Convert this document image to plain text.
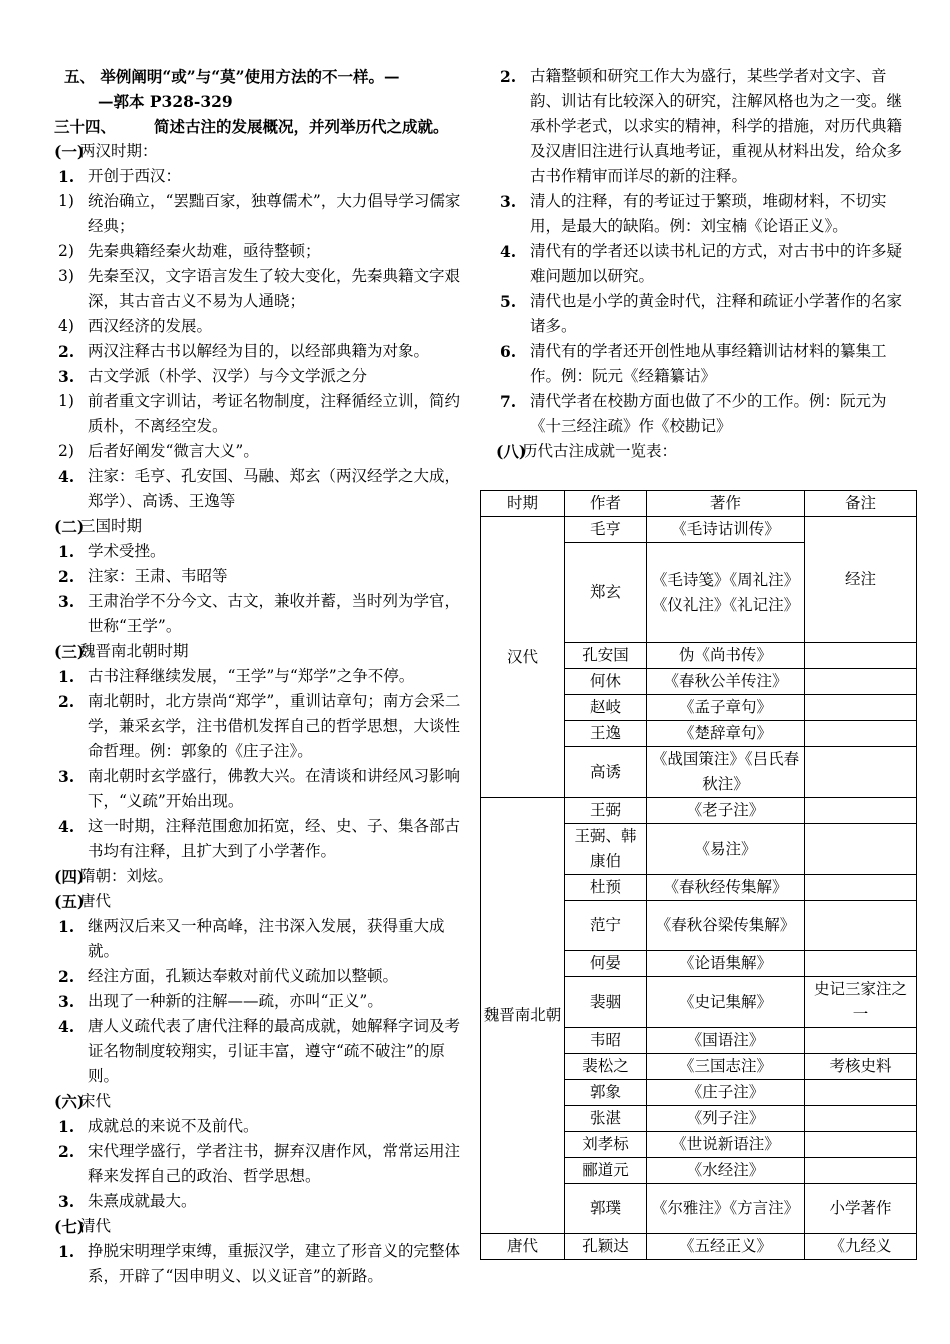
五、 举例阐明“或”与“莫”使用方法的不一样。—
—郭本 P328-329
三十四、	简述古注的发展概况，并列举历代之成就。
(一)
两汉时期：
1. 开创于西汉：
1) 统治确立，“罢黜百家，独尊儒术”，大力倡导学习儒家经典；
2) 先秦典籍经秦火劫难，亟待整顿；
3) 先秦至汉，文字语言发生了较大变化，先秦典籍文字艰深，其古音古义不易为人通晓；
4) 西汉经济的发展。
2. 两汉注释古书以解经为目的，以经部典籍为对象。
3. 古文学派（朴学、汉学）与今文学派之分
1) 前者重文字训诂，考证名物制度，注释循经立训，简约质朴，不离经空发。
2) 后者好阐发“微言大义”。
4. 注家：毛亨、孔安国、马融、郑玄（两汉经学之大成，郑学）、高诱、王逸等
(二)
三国时期
1. 学术受挫。
2. 注家：王肃、韦昭等
3. 王肃治学不分今文、古文，兼收并蓄，当时列为学官，世称“王学”。
(三)
魏晋南北朝时期
1. 古书注释继续发展，“王学”与“郑学”之争不停。
2. 南北朝时，北方崇尚“郑学”，重训诂章句；南方会采二学，兼采玄学，注书借机发挥自己的哲学思想，大谈性命哲理。例：郭象的《庄子注》。
3. 南北朝时玄学盛行，佛教大兴。在清谈和讲经风习影响下，“义疏”开始出现。
4. 这一时期，注释范围愈加拓宽，经、史、子、集各部古书均有注释，且扩大到了小学著作。
(四)
隋朝：刘炫。
(五)
唐代
1. 继两汉后来又一种高峰，注书深入发展，获得重大成就。
2. 经注方面，孔颖达奉敕对前代义疏加以整顿。
3. 出现了一种新的注解——疏，亦叫“正义”。
4. 唐人义疏代表了唐代注释的最高成就，她解释字词及考证名物制度较翔实，引证丰富，遵守“疏不破注”的原则。
(六)
宋代
1. 成就总的来说不及前代。
2. 宋代理学盛行，学者注书，摒弃汉唐作风，常常运用注释来发挥自己的政治、哲学思想。
3. 朱熹成就最大。
(七)
清代
1. 挣脱宋明理学束缚，重振汉学，建立了形音义的完整体系，开辟了“因申明义、以义证音”的新路。
2. 古籍整顿和研究工作大为盛行，某些学者对文字、音韵、训诂有比较深入的研究，注解风格也为之一变。继承朴学老式，以求实的精神，科学的措施，对历代典籍及汉唐旧注进行认真地考证，重视从材料出发，给众多古书作精审而详尽的新的注释。
3. 清人的注释，有的考证过于繁琐，堆砌材料，不切实用，是最大的缺陷。例：刘宝楠《论语正义》。
4. 清代有的学者还以读书札记的方式，对古书中的许多疑难问题加以研究。
5. 清代也是小学的黄金时代，注释和疏证小学著作的名家诸多。
6. 清代有的学者还开创性地从事经籍训诂材料的纂集工作。例：阮元《经籍纂诂》
7. 清代学者在校勘方面也做了不少的工作。例：阮元为《十三经注疏》作《校勘记》
(八)
历代古注成就一览表：
时期	作者	著作	备注
汉代	毛亨	《毛诗诂训传》	经注
	郑玄	《毛诗笺》《周礼注》《仪礼注》《礼记注》	
	孔安国	伪《尚书传》	
	何休	《春秋公羊传注》	
	赵岐	《孟子章句》	
	王逸	《楚辞章句》	
	高诱	《战国策注》《吕氏春秋注》	
魏晋南北朝	王弼	《老子注》	
	王弼、韩康伯	《易注》	
	杜预	《春秋经传集解》	
	范宁	《春秋谷梁传集解》	
	何晏	《论语集解》	
	裴骃	《史记集解》	史记三家注之一
	韦昭	《国语注》	
	裴松之	《三国志注》	考核史料
	郭象	《庄子注》	
	张湛	《列子注》	
	刘孝标	《世说新语注》	
	郦道元	《水经注》	
	郭璞	《尔雅注》《方言注》	小学著作
唐代	孔颖达	《五经正义》	《九经义
